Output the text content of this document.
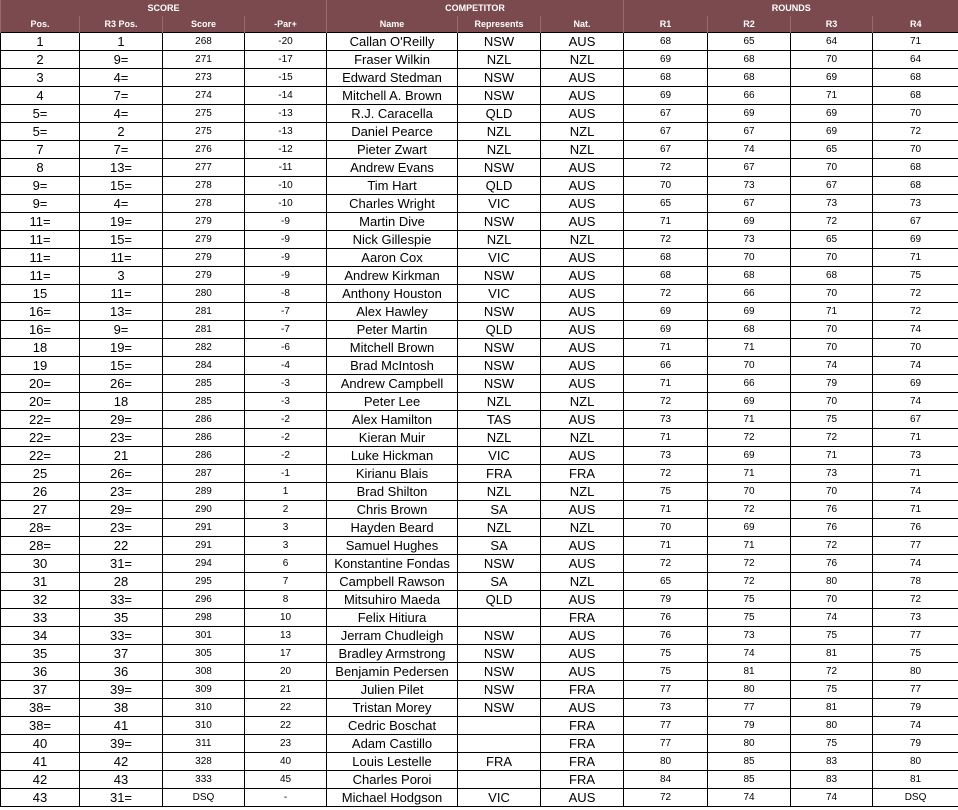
SCORE				COMPETITOR			ROUNDS			
Pos.	R3 Pos.	Score	-Par+	Name	Represents	Nat.	R1	R2	R3	R4
1	1	268	-20	Callan O'Reilly	NSW	AUS	68	65	64	71
2	9=	271	-17	Fraser Wilkin	NZL	NZL	69	68	70	64
3	4=	273	-15	Edward Stedman	NSW	AUS	68	68	69	68
4	7=	274	-14	Mitchell A. Brown	NSW	AUS	69	66	71	68
5=	4=	275	-13	R.J. Caracella	QLD	AUS	67	69	69	70
5=	2	275	-13	Daniel Pearce	NZL	NZL	67	67	69	72
7	7=	276	-12	Pieter Zwart	NZL	NZL	67	74	65	70
8	13=	277	-11	Andrew Evans	NSW	AUS	72	67	70	68
9=	15=	278	-10	Tim Hart	QLD	AUS	70	73	67	68
9=	4=	278	-10	Charles Wright	VIC	AUS	65	67	73	73
11=	19=	279	-9	Martin Dive	NSW	AUS	71	69	72	67
11=	15=	279	-9	Nick Gillespie	NZL	NZL	72	73	65	69
11=	11=	279	-9	Aaron Cox	VIC	AUS	68	70	70	71
11=	3	279	-9	Andrew Kirkman	NSW	AUS	68	68	68	75
15	11=	280	-8	Anthony Houston	VIC	AUS	72	66	70	72
16=	13=	281	-7	Alex Hawley	NSW	AUS	69	69	71	72
16=	9=	281	-7	Peter Martin	QLD	AUS	69	68	70	74
18	19=	282	-6	Mitchell Brown	NSW	AUS	71	71	70	70
19	15=	284	-4	Brad McIntosh	NSW	AUS	66	70	74	74
20=	26=	285	-3	Andrew Campbell	NSW	AUS	71	66	79	69
20=	18	285	-3	Peter Lee	NZL	NZL	72	69	70	74
22=	29=	286	-2	Alex Hamilton	TAS	AUS	73	71	75	67
22=	23=	286	-2	Kieran Muir	NZL	NZL	71	72	72	71
22=	21	286	-2	Luke Hickman	VIC	AUS	73	69	71	73
25	26=	287	-1	Kirianu Blais	FRA	FRA	72	71	73	71
26	23=	289	1	Brad Shilton	NZL	NZL	75	70	70	74
27	29=	290	2	Chris Brown	SA	AUS	71	72	76	71
28=	23=	291	3	Hayden Beard	NZL	NZL	70	69	76	76
28=	22	291	3	Samuel Hughes	SA	AUS	71	71	72	77
30	31=	294	6	Konstantine Fondas	NSW	AUS	72	72	76	74
31	28	295	7	Campbell Rawson	SA	NZL	65	72	80	78
32	33=	296	8	Mitsuhiro Maeda	QLD	AUS	79	75	70	72
33	35	298	10	Felix Hitiura		FRA	76	75	74	73
34	33=	301	13	Jerram Chudleigh	NSW	AUS	76	73	75	77
35	37	305	17	Bradley Armstrong	NSW	AUS	75	74	81	75
36	36	308	20	Benjamin Pedersen	NSW	AUS	75	81	72	80
37	39=	309	21	Julien Pilet	NSW	FRA	77	80	75	77
38=	38	310	22	Tristan Morey	NSW	AUS	73	77	81	79
38=	41	310	22	Cedric Boschat		FRA	77	79	80	74
40	39=	311	23	Adam Castillo		FRA	77	80	75	79
41	42	328	40	Louis Lestelle	FRA	FRA	80	85	83	80
42	43	333	45	Charles Poroi		FRA	84	85	83	81
43	31=	DSQ	-	Michael Hodgson	VIC	AUS	72	74	74	DSQ
